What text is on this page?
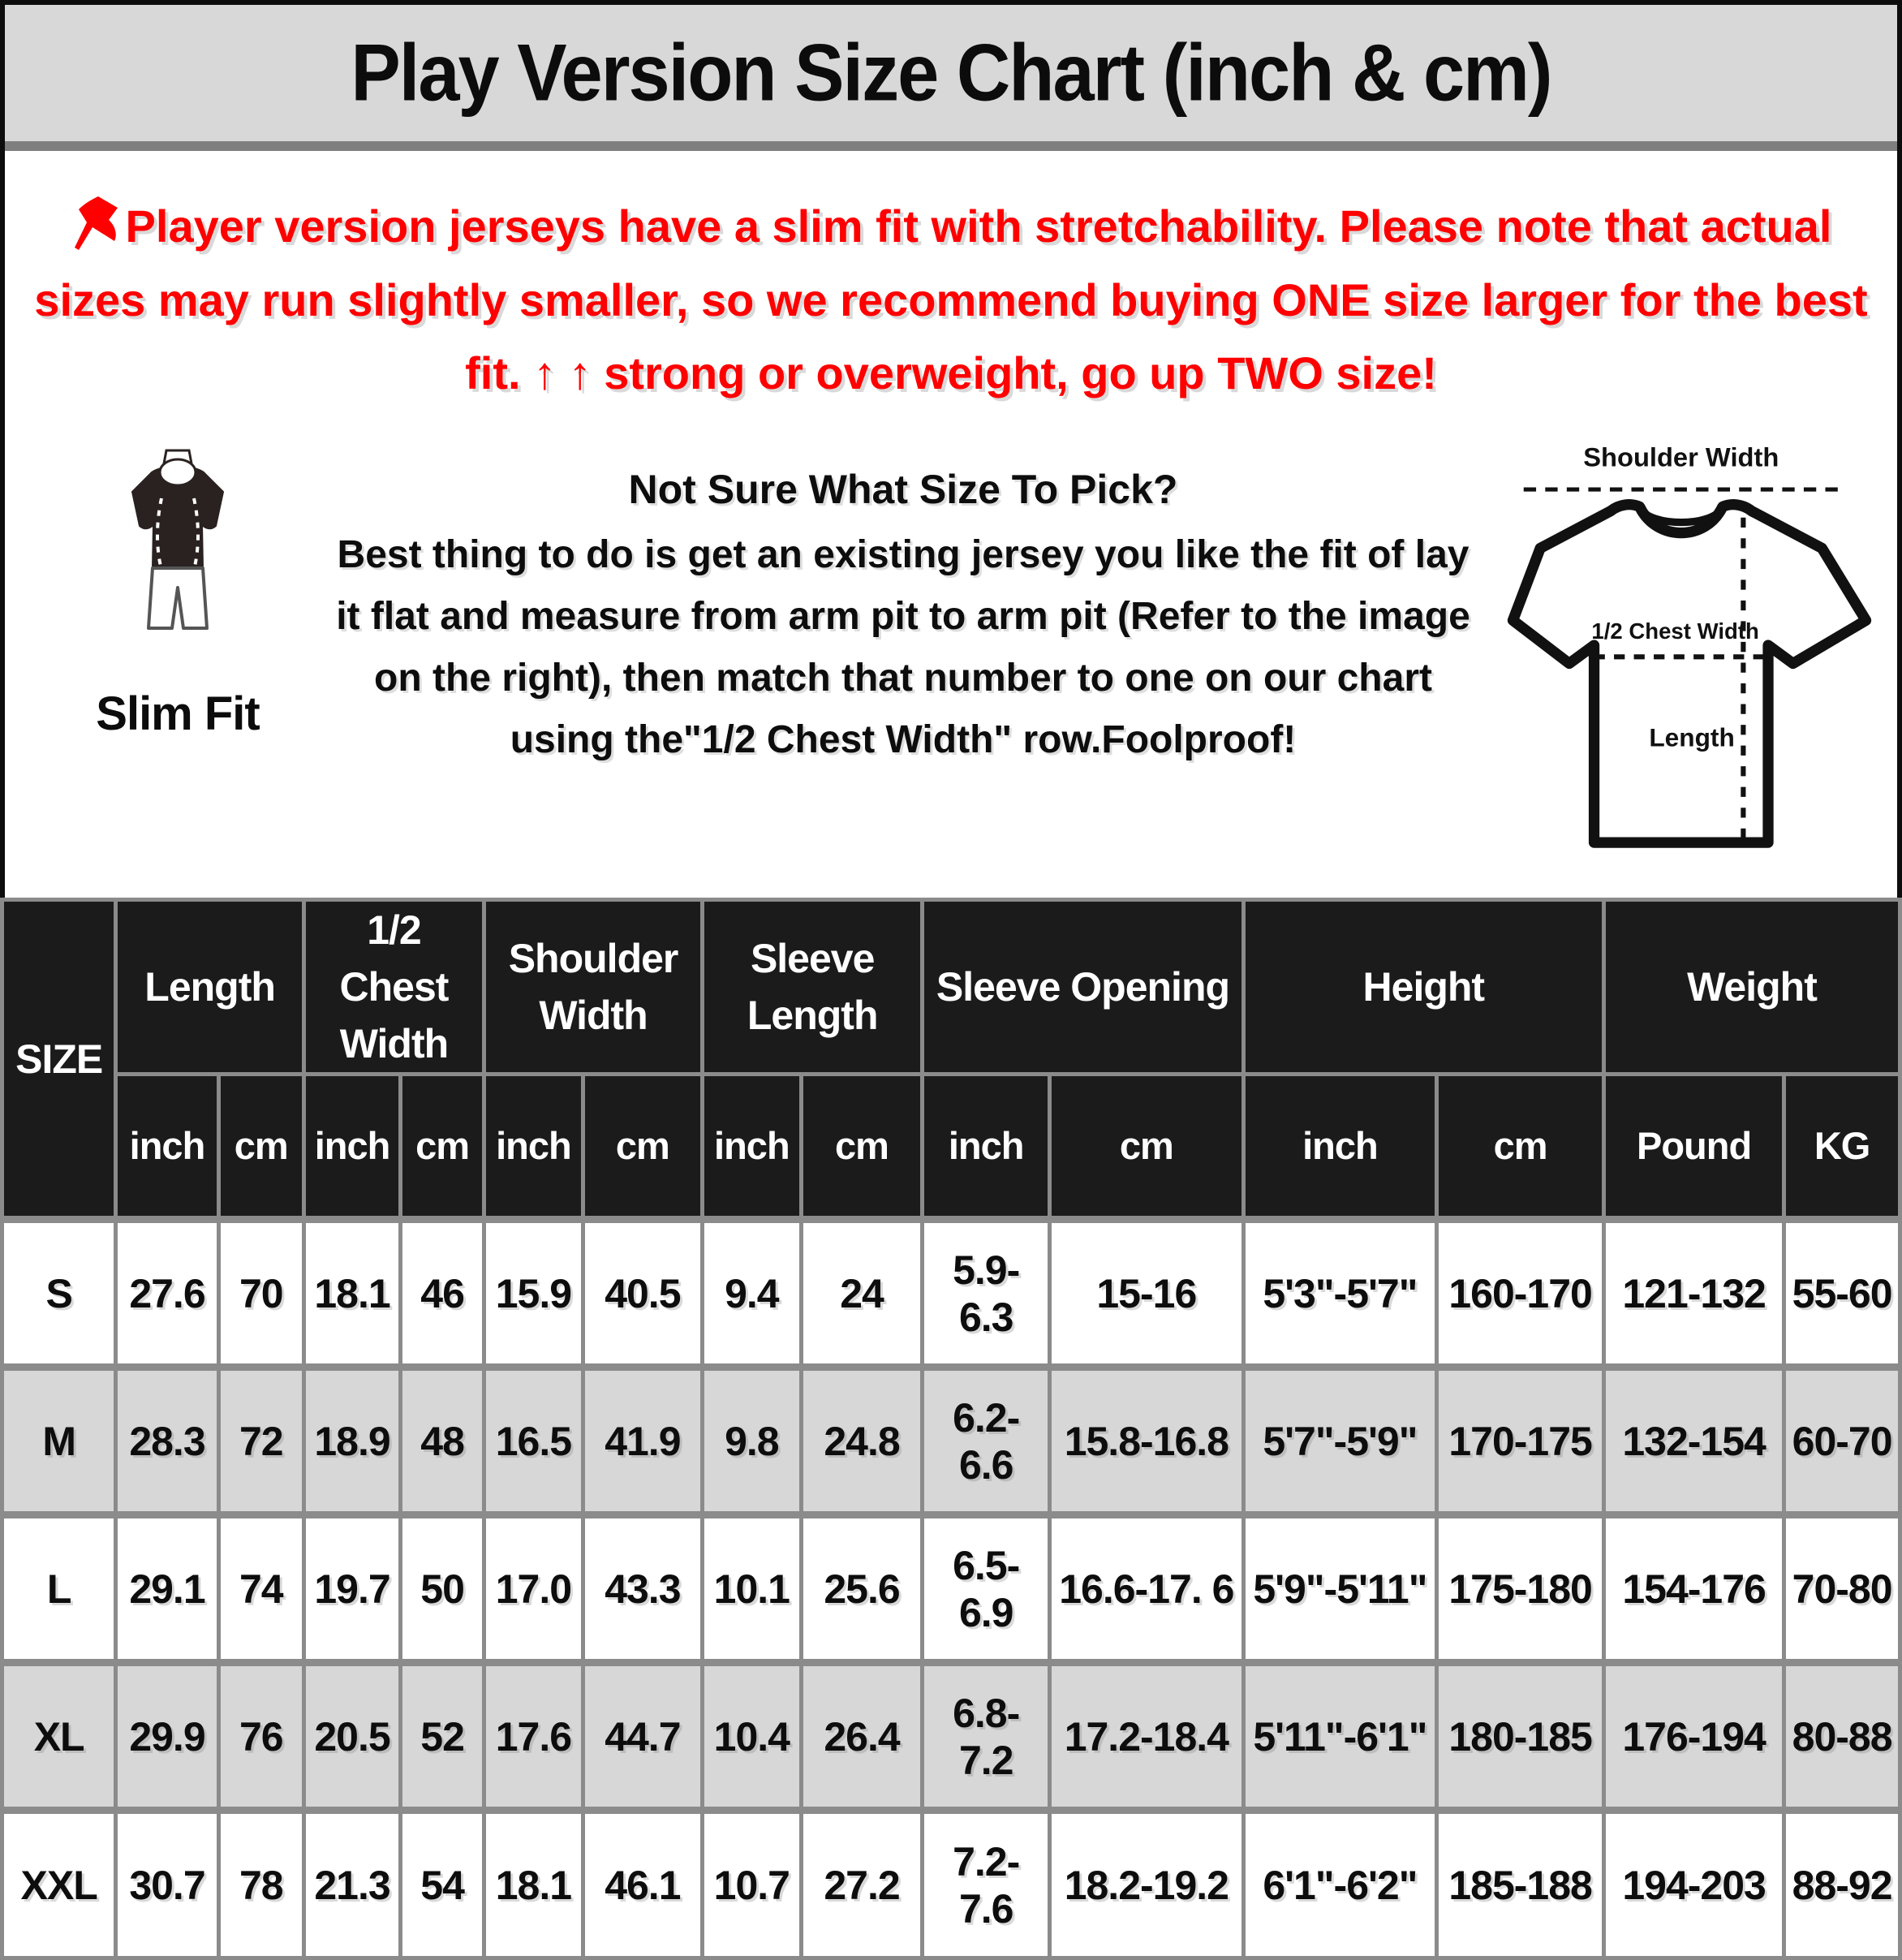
Play Version Size Chart (inch & cm)

Player version jerseys have a slim fit with stretchability. Please note that actual sizes may run slightly smaller, so we recommend buying ONE size larger for the best fit. ↑ ↑ strong or overweight, go up TWO size!

Slim Fit
Not Sure What Size To Pick?
Best thing to do is get an existing jersey you like the fit of lay it flat and measure from arm pit to arm pit (Refer to the image on the right), then match that number to one on our chart using the"1/2 Chest Width" row.Foolproof!
Shoulder Width
1/2 Chest Width
Length
SIZE	Length		1/2 Chest Width		Shoulder Width		Sleeve Length		Sleeve Opening		Height		Weight	
	inch	cm	inch	cm	inch	cm	inch	cm	inch	cm	inch	cm	Pound	KG
S	27.6	70	18.1	46	15.9	40.5	9.4	24	5.9-6.3	15-16	5'3"-5'7"	160-170	121-132	55-60
M	28.3	72	18.9	48	16.5	41.9	9.8	24.8	6.2-6.6	15.8-16.8	5'7"-5'9"	170-175	132-154	60-70
L	29.1	74	19.7	50	17.0	43.3	10.1	25.6	6.5-6.9	16.6-17. 6	5'9"-5'11"	175-180	154-176	70-80
XL	29.9	76	20.5	52	17.6	44.7	10.4	26.4	6.8-7.2	17.2-18.4	5'11"-6'1"	180-185	176-194	80-88
XXL	30.7	78	21.3	54	18.1	46.1	10.7	27.2	7.2-7.6	18.2-19.2	6'1"-6'2"	185-188	194-203	88-92
